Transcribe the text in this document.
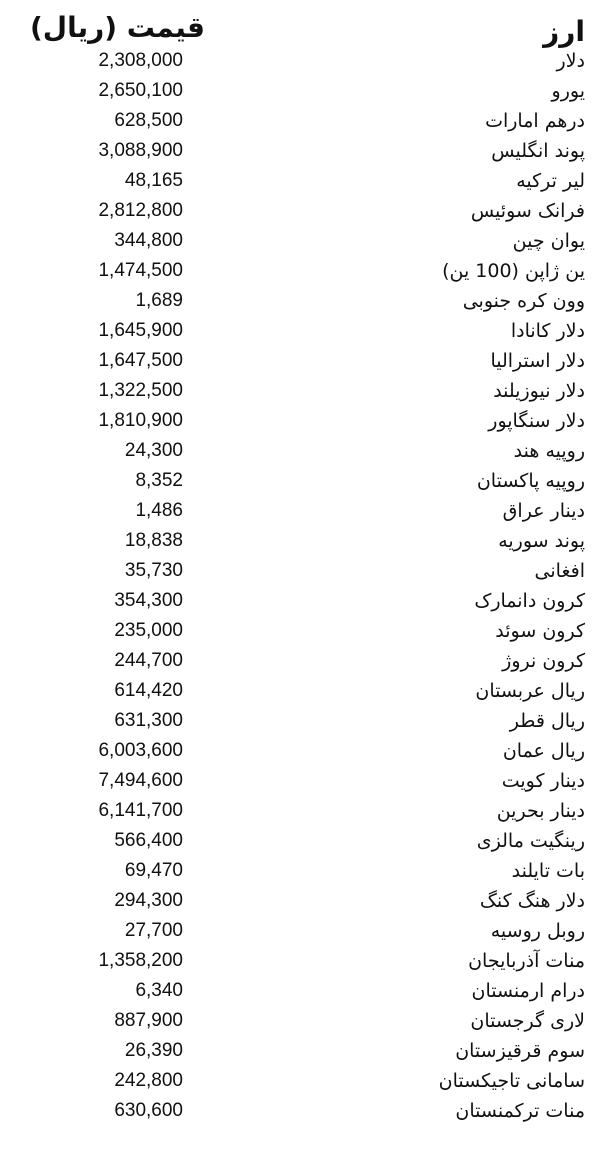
ارز
قیمت (ریال)
دلار
2,308,000
یورو
2,650,100
درهم امارات
628,500
پوند انگلیس
3,088,900
لیر ترکیه
48,165
فرانک سوئیس
2,812,800
یوان چین
344,800
ین ژاپن (100 ین)
1,474,500
وون کره جنوبی
1,689
دلار کانادا
1,645,900
دلار استرالیا
1,647,500
دلار نیوزیلند
1,322,500
دلار سنگاپور
1,810,900
روپیه هند
24,300
روپیه پاکستان
8,352
دینار عراق
1,486
پوند سوریه
18,838
افغانی
35,730
کرون دانمارک
354,300
کرون سوئد
235,000
کرون نروژ
244,700
ریال عربستان
614,420
ریال قطر
631,300
ریال عمان
6,003,600
دینار کویت
7,494,600
دینار بحرین
6,141,700
رینگیت مالزی
566,400
بات تایلند
69,470
دلار هنگ کنگ
294,300
روبل روسیه
27,700
منات آذربایجان
1,358,200
درام ارمنستان
6,340
لاری گرجستان
887,900
سوم قرقیزستان
26,390
سامانی تاجیکستان
242,800
منات ترکمنستان
630,600
